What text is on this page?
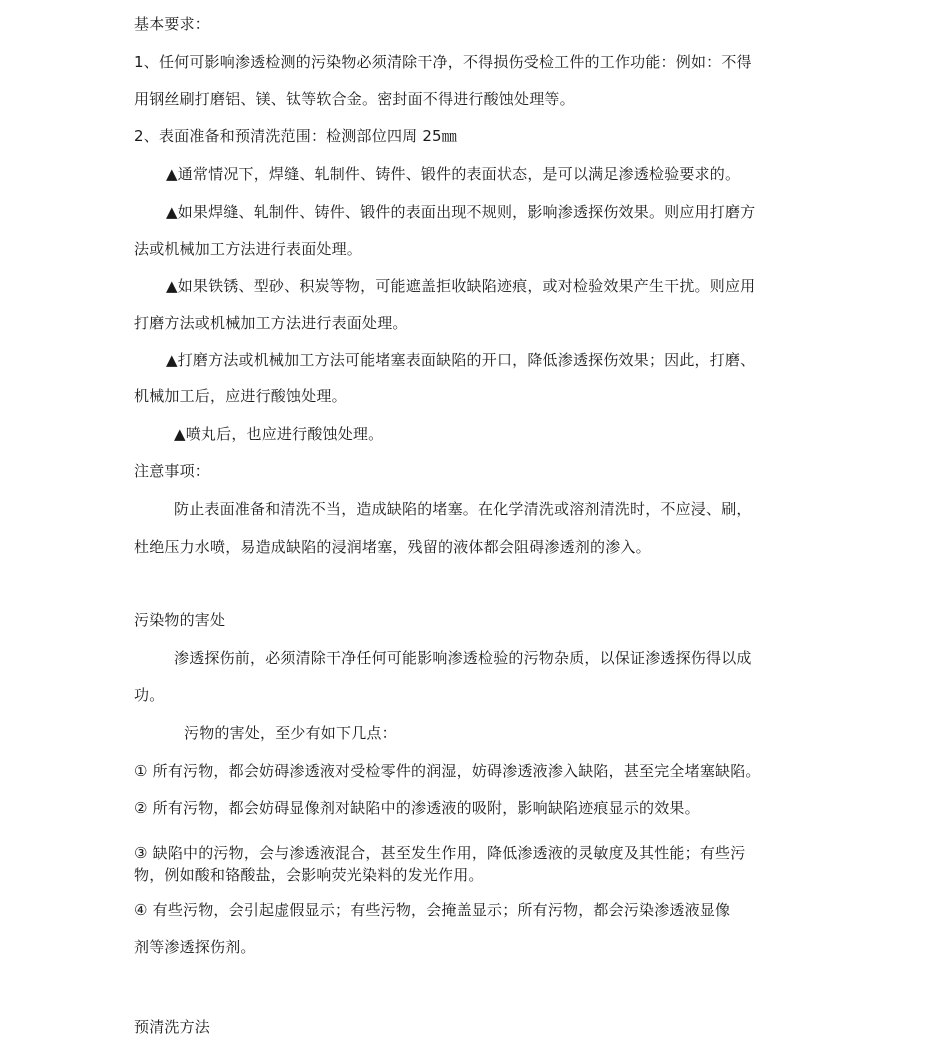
基本要求：
1、任何可影响渗透检测的污染物必须清除干净，不得损伤受检工件的工作功能：例如：不得
用钢丝刷打磨铝、镁、钛等软合金。密封面不得进行酸蚀处理等。
2、表面准备和预清洗范围：检测部位四周 25㎜
▲通常情况下，焊缝、轧制件、铸件、锻件的表面状态，是可以满足渗透检验要求的。
▲如果焊缝、轧制件、铸件、锻件的表面出现不规则，影响渗透探伤效果。则应用打磨方
法或机械加工方法进行表面处理。
▲如果铁锈、型砂、积炭等物，可能遮盖拒收缺陷迹痕，或对检验效果产生干扰。则应用
打磨方法或机械加工方法进行表面处理。
▲打磨方法或机械加工方法可能堵塞表面缺陷的开口，降低渗透探伤效果；因此，打磨、
机械加工后，应进行酸蚀处理。
▲喷丸后，也应进行酸蚀处理。
注意事项：
防止表面准备和清洗不当，造成缺陷的堵塞。在化学清洗或溶剂清洗时，不应浸、刷，
杜绝压力水喷，易造成缺陷的浸润堵塞，残留的液体都会阻碍渗透剂的渗入。
污染物的害处
渗透探伤前，必须清除干净任何可能影响渗透检验的污物杂质，以保证渗透探伤得以成
功。
污物的害处，至少有如下几点：
① 所有污物，都会妨碍渗透液对受检零件的润湿，妨碍渗透液渗入缺陷，甚至完全堵塞缺陷。
② 所有污物，都会妨碍显像剂对缺陷中的渗透液的吸附，影响缺陷迹痕显示的效果。
③ 缺陷中的污物，会与渗透液混合，甚至发生作用，降低渗透液的灵敏度及其性能；有些污
物，例如酸和铬酸盐，会影响荧光染料的发光作用。
④ 有些污物，会引起虚假显示；有些污物，会掩盖显示；所有污物，都会污染渗透液显像
剂等渗透探伤剂。
预清洗方法
